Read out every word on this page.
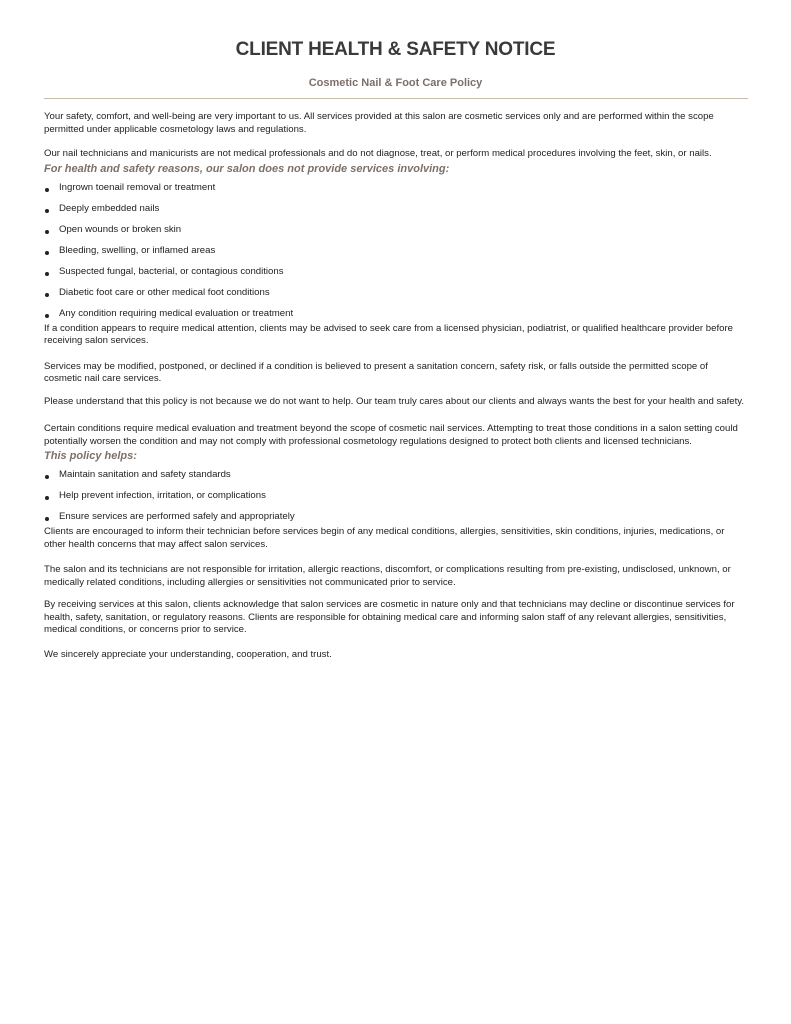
CLIENT HEALTH & SAFETY NOTICE
Cosmetic Nail & Foot Care Policy

Your safety, comfort, and well-being are very important to us. All services provided at this salon are cosmetic services only and are performed within the scope permitted under applicable cosmetology laws and regulations.

Our nail technicians and manicurists are not medical professionals and do not diagnose, treat, or perform medical procedures involving the feet, skin, or nails.

For health and safety reasons, our salon does not provide services involving:

Ingrown toenail removal or treatment
Deeply embedded nails
Open wounds or broken skin
Bleeding, swelling, or inflamed areas
Suspected fungal, bacterial, or contagious conditions
Diabetic foot care or other medical foot conditions
Any condition requiring medical evaluation or treatment

If a condition appears to require medical attention, clients may be advised to seek care from a licensed physician, podiatrist, or qualified healthcare provider before receiving salon services.

Services may be modified, postponed, or declined if a condition is believed to present a sanitation concern, safety risk, or falls outside the permitted scope of cosmetic nail care services.

Please understand that this policy is not because we do not want to help. Our team truly cares about our clients and always wants the best for your health and safety.

Certain conditions require medical evaluation and treatment beyond the scope of cosmetic nail services. Attempting to treat those conditions in a salon setting could potentially worsen the condition and may not comply with professional cosmetology regulations designed to protect both clients and licensed technicians.

This policy helps:

Maintain sanitation and safety standards
Help prevent infection, irritation, or complications
Ensure services are performed safely and appropriately

Clients are encouraged to inform their technician before services begin of any medical conditions, allergies, sensitivities, skin conditions, injuries, medications, or other health concerns that may affect salon services.

The salon and its technicians are not responsible for irritation, allergic reactions, discomfort, or complications resulting from pre-existing, undisclosed, unknown, or medically related conditions, including allergies or sensitivities not communicated prior to service.

By receiving services at this salon, clients acknowledge that salon services are cosmetic in nature only and that technicians may decline or discontinue services for health, safety, sanitation, or regulatory reasons. Clients are responsible for obtaining medical care and informing salon staff of any relevant allergies, sensitivities, medical conditions, or concerns prior to service.

We sincerely appreciate your understanding, cooperation, and trust.
